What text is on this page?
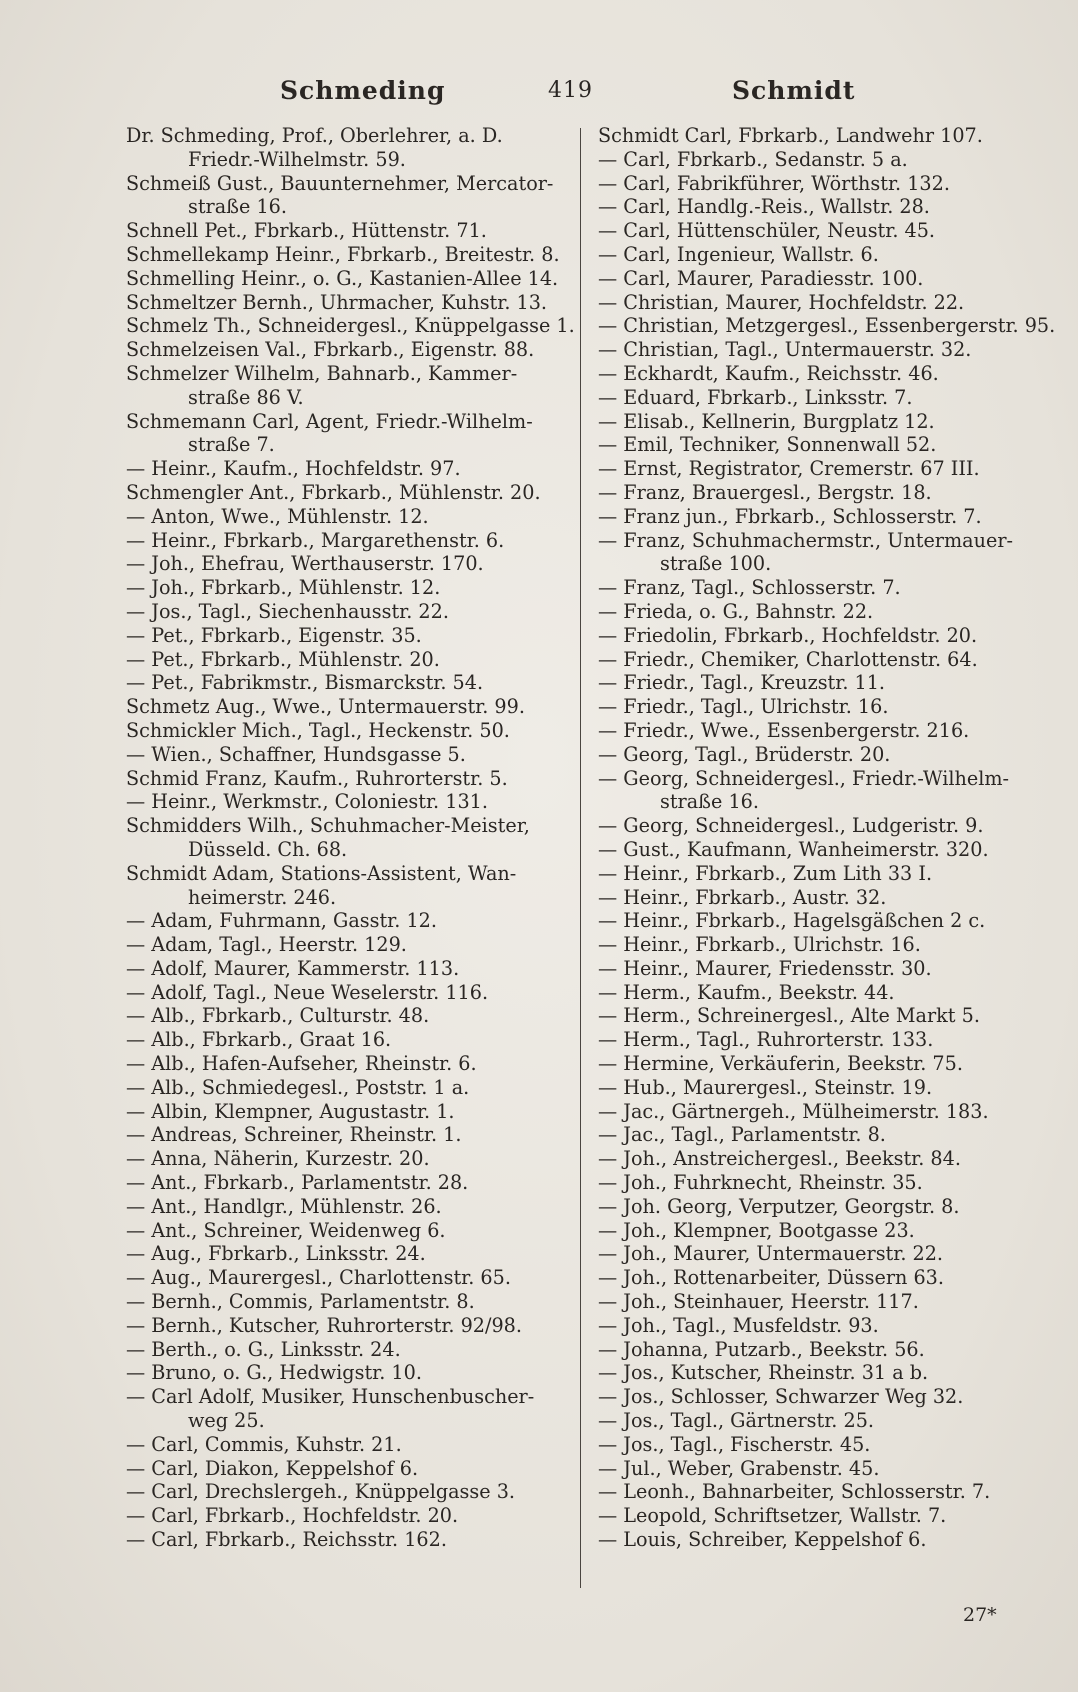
Schmeding	419	Schmidt
Dr. Schmeding, Prof., Oberlehrer, a. D.
Friedr.-Wilhelmstr. 59.
Schmeiß Gust., Bauunternehmer, Mercator-
straße 16.
Schnell Pet., Fbrkarb., Hüttenstr. 71.
Schmellekamp Heinr., Fbrkarb., Breitestr. 8.
Schmelling Heinr., o. G., Kastanien-Allee 14.
Schmeltzer Bernh., Uhrmacher, Kuhstr. 13.
Schmelz Th., Schneidergesl., Knüppelgasse 1.
Schmelzeisen Val., Fbrkarb., Eigenstr. 88.
Schmelzer Wilhelm, Bahnarb., Kammer-
straße 86 V.
Schmemann Carl, Agent, Friedr.-Wilhelm-
straße 7.
— Heinr., Kaufm., Hochfeldstr. 97.
Schmengler Ant., Fbrkarb., Mühlenstr. 20.
— Anton, Wwe., Mühlenstr. 12.
— Heinr., Fbrkarb., Margarethenstr. 6.
— Joh., Ehefrau, Werthauserstr. 170.
— Joh., Fbrkarb., Mühlenstr. 12.
— Jos., Tagl., Siechenhausstr. 22.
— Pet., Fbrkarb., Eigenstr. 35.
— Pet., Fbrkarb., Mühlenstr. 20.
— Pet., Fabrikmstr., Bismarckstr. 54.
Schmetz Aug., Wwe., Untermauerstr. 99.
Schmickler Mich., Tagl., Heckenstr. 50.
— Wien., Schaffner, Hundsgasse 5.
Schmid Franz, Kaufm., Ruhrorterstr. 5.
— Heinr., Werkmstr., Coloniestr. 131.
Schmidders Wilh., Schuhmacher-Meister,
Düsseld. Ch. 68.
Schmidt Adam, Stations-Assistent, Wan-
heimerstr. 246.
— Adam, Fuhrmann, Gasstr. 12.
— Adam, Tagl., Heerstr. 129.
— Adolf, Maurer, Kammerstr. 113.
— Adolf, Tagl., Neue Weselerstr. 116.
— Alb., Fbrkarb., Culturstr. 48.
— Alb., Fbrkarb., Graat 16.
— Alb., Hafen-Aufseher, Rheinstr. 6.
— Alb., Schmiedegesl., Poststr. 1 a.
— Albin, Klempner, Augustastr. 1.
— Andreas, Schreiner, Rheinstr. 1.
— Anna, Näherin, Kurzestr. 20.
— Ant., Fbrkarb., Parlamentstr. 28.
— Ant., Handlgr., Mühlenstr. 26.
— Ant., Schreiner, Weidenweg 6.
— Aug., Fbrkarb., Linksstr. 24.
— Aug., Maurergesl., Charlottenstr. 65.
— Bernh., Commis, Parlamentstr. 8.
— Bernh., Kutscher, Ruhrorterstr. 92/98.
— Berth., o. G., Linksstr. 24.
— Bruno, o. G., Hedwigstr. 10.
— Carl Adolf, Musiker, Hunschenbuscher-
weg 25.
— Carl, Commis, Kuhstr. 21.
— Carl, Diakon, Keppelshof 6.
— Carl, Drechslergeh., Knüppelgasse 3.
— Carl, Fbrkarb., Hochfeldstr. 20.
— Carl, Fbrkarb., Reichsstr. 162.
Schmidt Carl, Fbrkarb., Landwehr 107.
— Carl, Fbrkarb., Sedanstr. 5 a.
— Carl, Fabrikführer, Wörthstr. 132.
— Carl, Handlg.-Reis., Wallstr. 28.
— Carl, Hüttenschüler, Neustr. 45.
— Carl, Ingenieur, Wallstr. 6.
— Carl, Maurer, Paradiesstr. 100.
— Christian, Maurer, Hochfeldstr. 22.
— Christian, Metzgergesl., Essenbergerstr. 95.
— Christian, Tagl., Untermauerstr. 32.
— Eckhardt, Kaufm., Reichsstr. 46.
— Eduard, Fbrkarb., Linksstr. 7.
— Elisab., Kellnerin, Burgplatz 12.
— Emil, Techniker, Sonnenwall 52.
— Ernst, Registrator, Cremerstr. 67 III.
— Franz, Brauergesl., Bergstr. 18.
— Franz jun., Fbrkarb., Schlosserstr. 7.
— Franz, Schuhmachermstr., Untermauer-
straße 100.
— Franz, Tagl., Schlosserstr. 7.
— Frieda, o. G., Bahnstr. 22.
— Friedolin, Fbrkarb., Hochfeldstr. 20.
— Friedr., Chemiker, Charlottenstr. 64.
— Friedr., Tagl., Kreuzstr. 11.
— Friedr., Tagl., Ulrichstr. 16.
— Friedr., Wwe., Essenbergerstr. 216.
— Georg, Tagl., Brüderstr. 20.
— Georg, Schneidergesl., Friedr.-Wilhelm-
straße 16.
— Georg, Schneidergesl., Ludgeristr. 9.
— Gust., Kaufmann, Wanheimerstr. 320.
— Heinr., Fbrkarb., Zum Lith 33 I.
— Heinr., Fbrkarb., Austr. 32.
— Heinr., Fbrkarb., Hagelsgäßchen 2 c.
— Heinr., Fbrkarb., Ulrichstr. 16.
— Heinr., Maurer, Friedensstr. 30.
— Herm., Kaufm., Beekstr. 44.
— Herm., Schreinergesl., Alte Markt 5.
— Herm., Tagl., Ruhrorterstr. 133.
— Hermine, Verkäuferin, Beekstr. 75.
— Hub., Maurergesl., Steinstr. 19.
— Jac., Gärtnergeh., Mülheimerstr. 183.
— Jac., Tagl., Parlamentstr. 8.
— Joh., Anstreichergesl., Beekstr. 84.
— Joh., Fuhrknecht, Rheinstr. 35.
— Joh. Georg, Verputzer, Georgstr. 8.
— Joh., Klempner, Bootgasse 23.
— Joh., Maurer, Untermauerstr. 22.
— Joh., Rottenarbeiter, Düssern 63.
— Joh., Steinhauer, Heerstr. 117.
— Joh., Tagl., Musfeldstr. 93.
— Johanna, Putzarb., Beekstr. 56.
— Jos., Kutscher, Rheinstr. 31 a b.
— Jos., Schlosser, Schwarzer Weg 32.
— Jos., Tagl., Gärtnerstr. 25.
— Jos., Tagl., Fischerstr. 45.
— Jul., Weber, Grabenstr. 45.
— Leonh., Bahnarbeiter, Schlosserstr. 7.
— Leopold, Schriftsetzer, Wallstr. 7.
— Louis, Schreiber, Keppelshof 6.
27*
